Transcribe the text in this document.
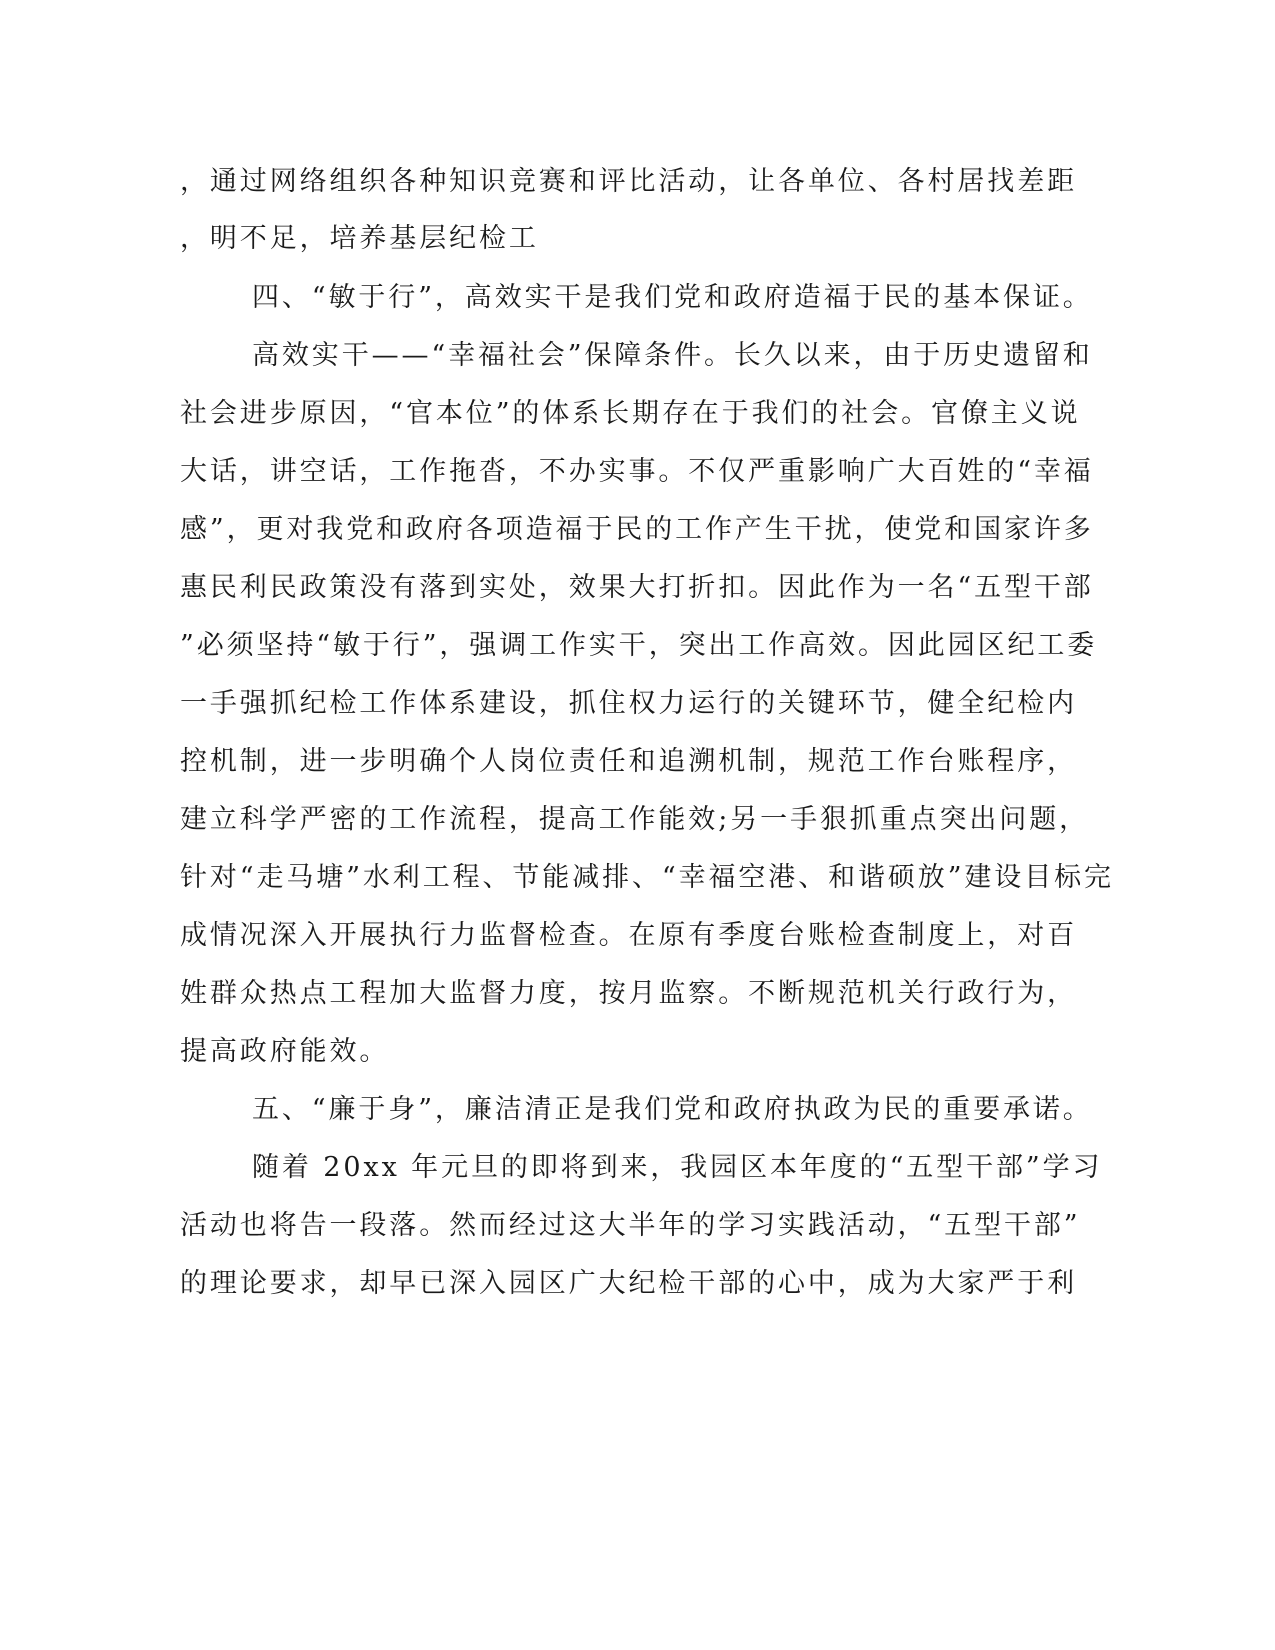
，通过网络组织各种知识竞赛和评比活动，让各单位、各村居找差距
，明不足，培养基层纪检工
四、“敏于行”，高效实干是我们党和政府造福于民的基本保证。
高效实干——“幸福社会”保障条件。长久以来，由于历史遗留和
社会进步原因，“官本位”的体系长期存在于我们的社会。官僚主义说
大话，讲空话，工作拖沓，不办实事。不仅严重影响广大百姓的“幸福
感”，更对我党和政府各项造福于民的工作产生干扰，使党和国家许多
惠民利民政策没有落到实处，效果大打折扣。因此作为一名“五型干部
”必须坚持“敏于行”，强调工作实干，突出工作高效。因此园区纪工委
一手强抓纪检工作体系建设，抓住权力运行的关键环节，健全纪检内
控机制，进一步明确个人岗位责任和追溯机制，规范工作台账程序，
建立科学严密的工作流程，提高工作能效;另一手狠抓重点突出问题，
针对“走马塘”水利工程、节能减排、“幸福空港、和谐硕放”建设目标完
成情况深入开展执行力监督检查。在原有季度台账检查制度上，对百
姓群众热点工程加大监督力度，按月监察。不断规范机关行政行为，
提高政府能效。
五、“廉于身”，廉洁清正是我们党和政府执政为民的重要承诺。
随着 20xx 年元旦的即将到来，我园区本年度的“五型干部”学习
活动也将告一段落。然而经过这大半年的学习实践活动，“五型干部”
的理论要求，却早已深入园区广大纪检干部的心中，成为大家严于利
